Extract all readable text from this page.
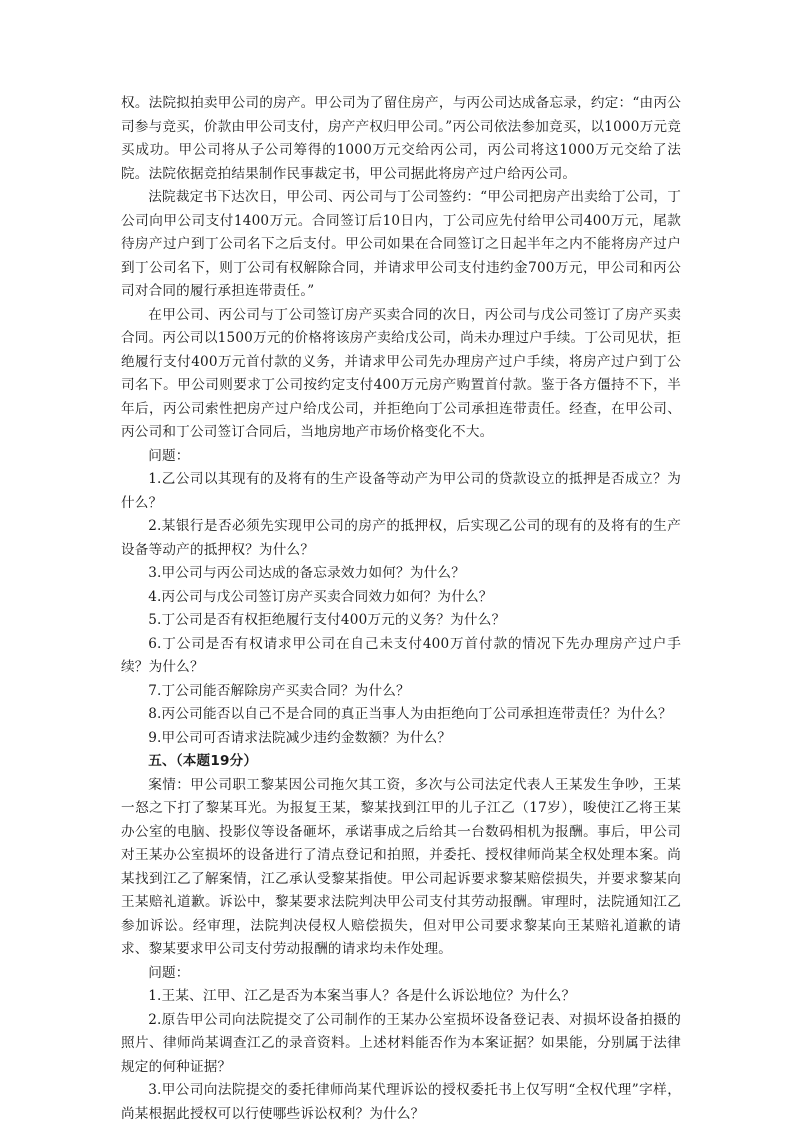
权。法院拟拍卖甲公司的房产。甲公司为了留住房产，与丙公司达成备忘录，约定：“由丙公司参与竞买，价款由甲公司支付，房产产权归甲公司。”丙公司依法参加竞买，以1000万元竞买成功。甲公司将从子公司筹得的1000万元交给丙公司，丙公司将这1000万元交给了法院。法院依据竞拍结果制作民事裁定书，甲公司据此将房产过户给丙公司。

法院裁定书下达次日，甲公司、丙公司与丁公司签约：“甲公司把房产出卖给丁公司，丁公司向甲公司支付1400万元。合同签订后10日内，丁公司应先付给甲公司400万元，尾款待房产过户到丁公司名下之后支付。甲公司如果在合同签订之日起半年之内不能将房产过户到丁公司名下，则丁公司有权解除合同，并请求甲公司支付违约金700万元，甲公司和丙公司对合同的履行承担连带责任。”

在甲公司、丙公司与丁公司签订房产买卖合同的次日，丙公司与戊公司签订了房产买卖合同。丙公司以1500万元的价格将该房产卖给戊公司，尚未办理过户手续。丁公司见状，拒绝履行支付400万元首付款的义务，并请求甲公司先办理房产过户手续，将房产过户到丁公司名下。甲公司则要求丁公司按约定支付400万元房产购置首付款。鉴于各方僵持不下，半年后，丙公司索性把房产过户给戊公司，并拒绝向丁公司承担连带责任。经查，在甲公司、丙公司和丁公司签订合同后，当地房地产市场价格变化不大。

问题：

1.乙公司以其现有的及将有的生产设备等动产为甲公司的贷款设立的抵押是否成立？为什么？

2.某银行是否必须先实现甲公司的房产的抵押权，后实现乙公司的现有的及将有的生产设备等动产的抵押权？为什么？

3.甲公司与丙公司达成的备忘录效力如何？为什么？

4.丙公司与戊公司签订房产买卖合同效力如何？为什么？

5.丁公司是否有权拒绝履行支付400万元的义务？为什么？

6.丁公司是否有权请求甲公司在自己未支付400万首付款的情况下先办理房产过户手续？为什么？

7.丁公司能否解除房产买卖合同？为什么？

8.丙公司能否以自己不是合同的真正当事人为由拒绝向丁公司承担连带责任？为什么？

9.甲公司可否请求法院减少违约金数额？为什么？

五、（本题19分）

案情：甲公司职工黎某因公司拖欠其工资，多次与公司法定代表人王某发生争吵，王某一怒之下打了黎某耳光。为报复王某，黎某找到江甲的儿子江乙（17岁），唆使江乙将王某办公室的电脑、投影仪等设备砸坏，承诺事成之后给其一台数码相机为报酬。事后，甲公司对王某办公室损坏的设备进行了清点登记和拍照，并委托、授权律师尚某全权处理本案。尚某找到江乙了解案情，江乙承认受黎某指使。甲公司起诉要求黎某赔偿损失，并要求黎某向王某赔礼道歉。诉讼中，黎某要求法院判决甲公司支付其劳动报酬。审理时，法院通知江乙参加诉讼。经审理，法院判决侵权人赔偿损失，但对甲公司要求黎某向王某赔礼道歉的请求、黎某要求甲公司支付劳动报酬的请求均未作处理。

问题：

1.王某、江甲、江乙是否为本案当事人？各是什么诉讼地位？为什么？

2.原告甲公司向法院提交了公司制作的王某办公室损坏设备登记表、对损坏设备拍摄的照片、律师尚某调查江乙的录音资料。上述材料能否作为本案证据？如果能，分别属于法律规定的何种证据？

3.甲公司向法院提交的委托律师尚某代理诉讼的授权委托书上仅写明“全权代理”字样，尚某根据此授权可以行使哪些诉讼权利？为什么？
